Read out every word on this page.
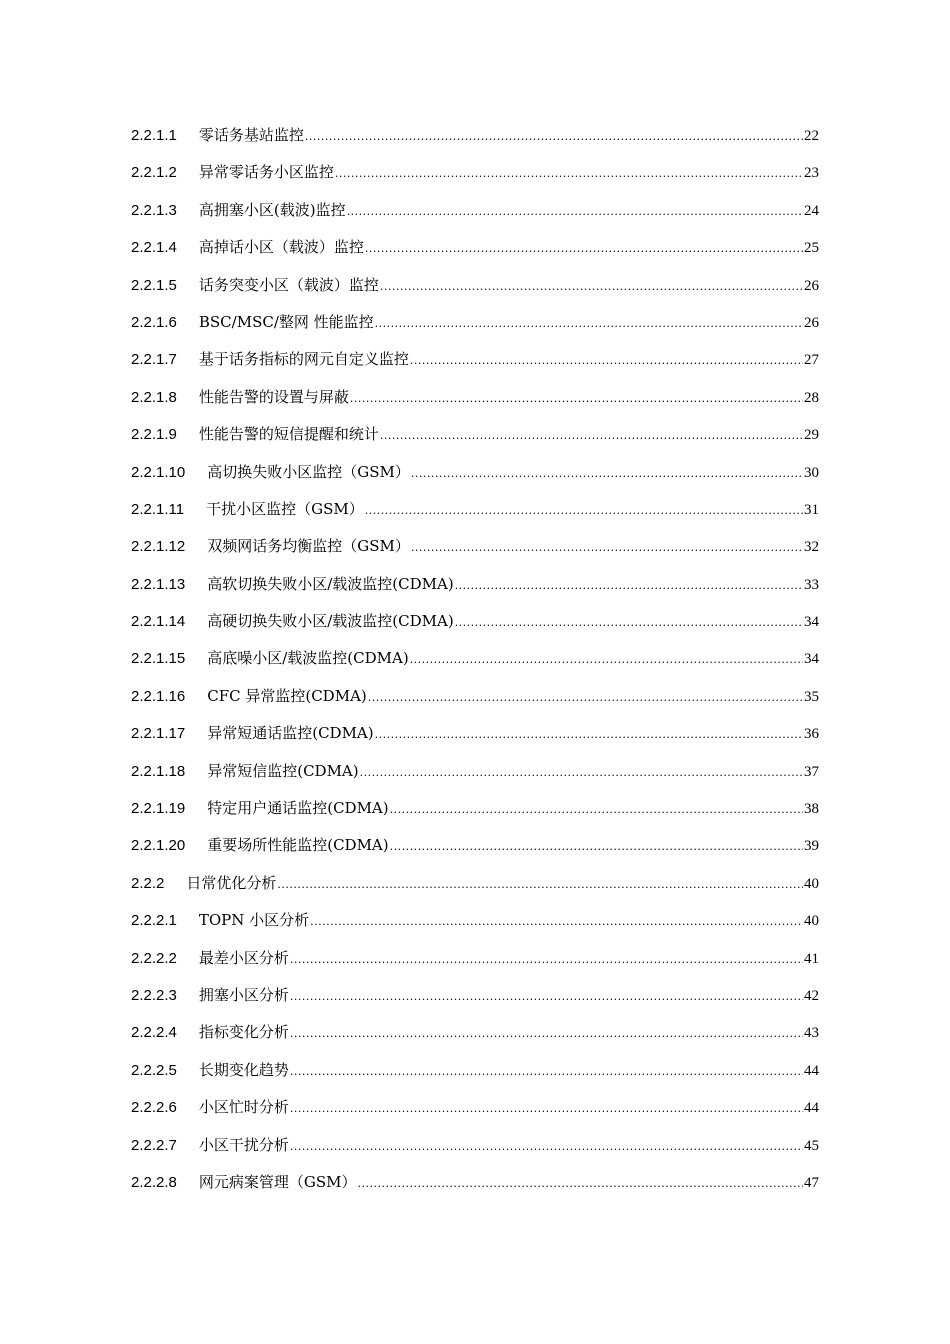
2.2.1.1 零话务基站监控 .....	22
2.2.1.2 异常零话务小区监控 .....	23
2.2.1.3 高拥塞小区(载波)监控 .....	24
2.2.1.4 高掉话小区（载波）监控 .....	25
2.2.1.5 话务突变小区（载波）监控 .....	26
2.2.1.6 BSC/MSC/整网 性能监控 .....	26
2.2.1.7 基于话务指标的网元自定义监控 .....	27
2.2.1.8 性能告警的设置与屏蔽 .....	28
2.2.1.9 性能告警的短信提醒和统计 .....	29
2.2.1.10 高切换失败小区监控（GSM） .....	30
2.2.1.11 干扰小区监控（GSM） .....	31
2.2.1.12 双频网话务均衡监控（GSM） .....	32
2.2.1.13 高软切换失败小区/载波监控(CDMA) .....	33
2.2.1.14 高硬切换失败小区/载波监控(CDMA) .....	34
2.2.1.15 高底噪小区/载波监控(CDMA) .....	34
2.2.1.16 CFC 异常监控(CDMA) .....	35
2.2.1.17 异常短通话监控(CDMA) .....	36
2.2.1.18 异常短信监控(CDMA) .....	37
2.2.1.19 特定用户通话监控(CDMA) .....	38
2.2.1.20 重要场所性能监控(CDMA) .....	39
2.2.2 日常优化分析 .....	40
2.2.2.1 TOPN 小区分析 .....	40
2.2.2.2 最差小区分析 .....	41
2.2.2.3 拥塞小区分析 .....	42
2.2.2.4 指标变化分析 .....	43
2.2.2.5 长期变化趋势 .....	44
2.2.2.6 小区忙时分析 .....	44
2.2.2.7 小区干扰分析 .....	45
2.2.2.8 网元病案管理（GSM） .....	47
